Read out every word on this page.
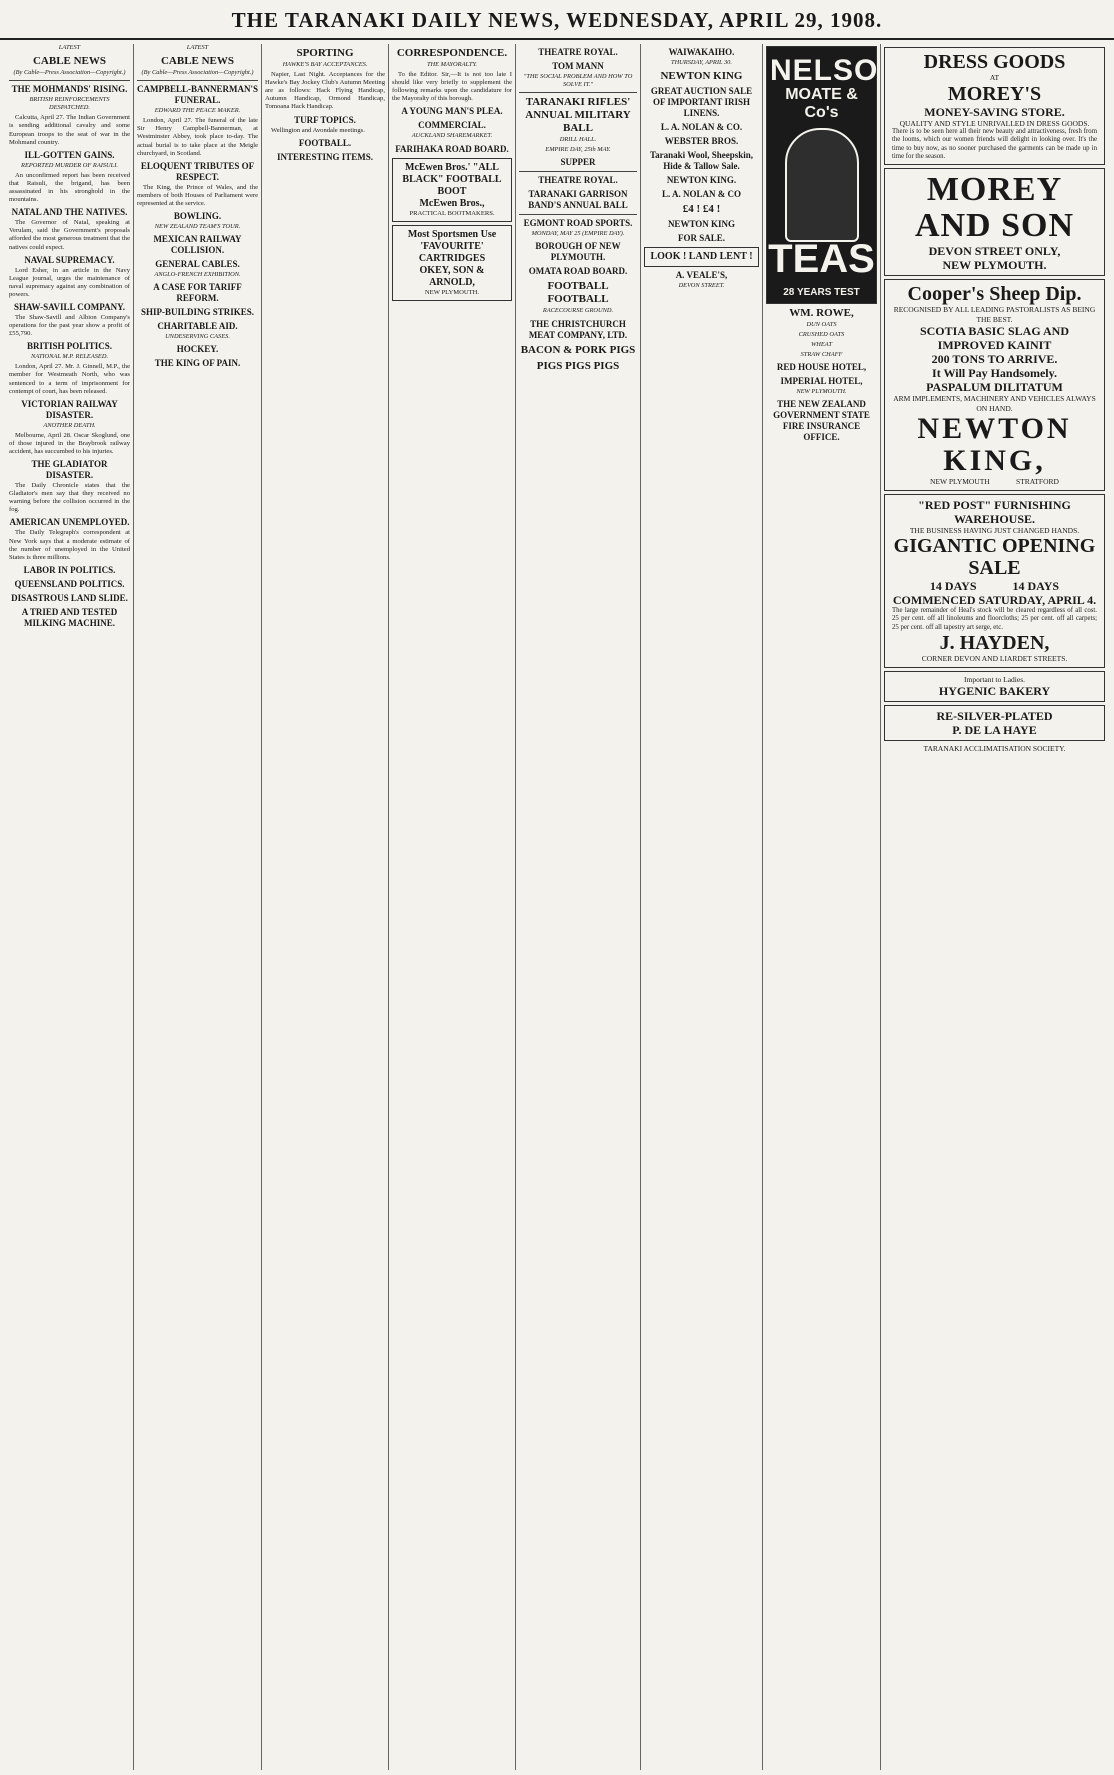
THE TARANAKI DAILY NEWS, WEDNESDAY, APRIL 29, 1908.
LATEST
CABLE NEWS
(By Cable—Press Association—Copyright.)
THE MOHMANDS' RISING.
BRITISH REINFORCEMENTS DESPATCHED.

Calcutta, April 27. The Indian Government is sending additional cavalry and some European troops to the seat of war in the Mohmand country.

ILL-GOTTEN GAINS.
REPORTED MURDER OF RAISULI.

An unconfirmed report has been received that Raisuli, the brigand, has been assassinated in his stronghold in the mountains.

NATAL AND THE NATIVES.

The Governor of Natal, speaking at Verulam, said the Government's proposals afforded the most generous treatment that the natives could expect.

NAVAL SUPREMACY.

Lord Esher, in an article in the Navy League journal, urges the maintenance of naval supremacy against any combination of powers.

SHAW-SAVILL COMPANY.

The Shaw-Savill and Albion Company's operations for the past year show a profit of £55,790.

BRITISH POLITICS.
NATIONAL M.P. RELEASED.

London, April 27. Mr. J. Ginnell, M.P., the member for Westmeath North, who was sentenced to a term of imprisonment for contempt of court, has been released.

VICTORIAN RAILWAY DISASTER.
ANOTHER DEATH.

Melbourne, April 28. Oscar Skoglund, one of those injured in the Braybrook railway accident, has succumbed to his injuries.

THE GLADIATOR DISASTER.

The Daily Chronicle states that the Gladiator's men say that they received no warning before the collision occurred in the fog.

AMERICAN UNEMPLOYED.

The Daily Telegraph's correspondent at New York says that a moderate estimate of the number of unemployed in the United States is three millions.

LABOR IN POLITICS.
QUEENSLAND POLITICS.
DISASTROUS LAND SLIDE.
A TRIED AND TESTED MILKING MACHINE.
LATEST
CABLE NEWS
(By Cable—Press Association—Copyright.)
CAMPBELL-BANNERMAN'S FUNERAL.
EDWARD THE PEACE MAKER.

London, April 27. The funeral of the late Sir Henry Campbell-Bannerman, at Westminster Abbey, took place to-day. The actual burial is to take place at the Meigle churchyard, in Scotland.

ELOQUENT TRIBUTES OF RESPECT.

The King, the Prince of Wales, and the members of both Houses of Parliament were represented at the service.

BOWLING.
NEW ZEALAND TEAM'S TOUR.
MEXICAN RAILWAY COLLISION.
GENERAL CABLES.
ANGLO-FRENCH EXHIBITION.
A CASE FOR TARIFF REFORM.
SHIP-BUILDING STRIKES.
CHARITABLE AID.
UNDESERVING CASES.
HOCKEY.
THE KING OF PAIN.
SPORTING
HAWKE'S BAY ACCEPTANCES.

Napier, Last Night. Acceptances for the Hawke's Bay Jockey Club's Autumn Meeting are as follows: Hack Flying Handicap, Autumn Handicap, Ormond Handicap, Tomoana Hack Handicap.

TURF TOPICS.

Wellington and Avondale meetings.

FOOTBALL.
INTERESTING ITEMS.
CORRESPONDENCE.
THE MAYORALTY.

To the Editor. Sir,—It is not too late I should like very briefly to supplement the following remarks upon the candidature for the Mayoralty of this borough.

A YOUNG MAN'S PLEA.
COMMERCIAL.
AUCKLAND SHAREMARKET.
FARIHAKA ROAD BOARD.
McEwen Bros.' "ALL BLACK" FOOTBALL BOOT
McEwen Bros.,
PRACTICAL BOOTMAKERS.
Most Sportsmen Use 'FAVOURITE' CARTRIDGES
OKEY, SON & ARNOLD,
NEW PLYMOUTH.
THEATRE ROYAL.
TOM MANN
"THE SOCIAL PROBLEM AND HOW TO SOLVE IT."
TARANAKI RIFLES' ANNUAL MILITARY BALL
DRILL HALL.
EMPIRE DAY, 25th MAY.
SUPPER
THEATRE ROYAL.
TARANAKI GARRISON BAND'S ANNUAL BALL
EGMONT ROAD SPORTS.
MONDAY, MAY 25 (EMPIRE DAY).
BOROUGH OF NEW PLYMOUTH.
OMATA ROAD BOARD.
FOOTBALL FOOTBALL
RACECOURSE GROUND.
THE CHRISTCHURCH MEAT COMPANY, LTD.
BACON & PORK PIGS
PIGS PIGS PIGS
WAIWAKAIHO.
THURSDAY, APRIL 30.
NEWTON KING
GREAT AUCTION SALE OF IMPORTANT IRISH LINENS.
L. A. NOLAN & CO.
WEBSTER BROS.
Taranaki Wool, Sheepskin, Hide & Tallow Sale.
NEWTON KING.
L. A. NOLAN & CO
£4 ! £4 !
NEWTON KING
FOR SALE.
LOOK ! LAND LENT !
A. VEALE'S,
DEVON STREET.
NELSON
MOATE & Co's
TEAS
28 YEARS TEST
WM. ROWE,
DUN OATS
CRUSHED OATS
WHEAT
STRAW CHAFF
RED HOUSE HOTEL,
IMPERIAL HOTEL,
NEW PLYMOUTH.
THE NEW ZEALAND GOVERNMENT STATE FIRE INSURANCE OFFICE.
DRESS GOODS
AT
MOREY'S
MONEY-SAVING STORE.
QUALITY AND STYLE UNRIVALLED IN DRESS GOODS.
There is to be seen here all their new beauty and attractiveness, fresh from the looms, which our women friends will delight in looking over. It's the time to buy now, as no sooner purchased the garments can be made up in time for the season.
MOREY AND SON
DEVON STREET ONLY,
NEW PLYMOUTH.
Cooper's Sheep Dip.
RECOGNISED BY ALL LEADING PASTORALISTS AS BEING THE BEST.
SCOTIA BASIC SLAG AND IMPROVED KAINIT
200 TONS TO ARRIVE.
It Will Pay Handsomely.
PASPALUM DILITATUM
ARM IMPLEMENTS, MACHINERY AND VEHICLES ALWAYS ON HAND.
NEWTON KING,
NEW PLYMOUTH	STRATFORD
"RED POST" FURNISHING WAREHOUSE.
THE BUSINESS HAVING JUST CHANGED HANDS.
GIGANTIC OPENING SALE
14 DAYS	14 DAYS
COMMENCED SATURDAY, APRIL 4.
The large remainder of Heal's stock will be cleared regardless of all cost. 25 per cent. off all linoleums and floorcloths; 25 per cent. off all carpets; 25 per cent. off all tapestry art serge, etc.
J. HAYDEN,
CORNER DEVON AND LIARDET STREETS.
Important to Ladies.
HYGENIC BAKERY
RE-SILVER-PLATED
P. DE LA HAYE
TARANAKI ACCLIMATISATION SOCIETY.
